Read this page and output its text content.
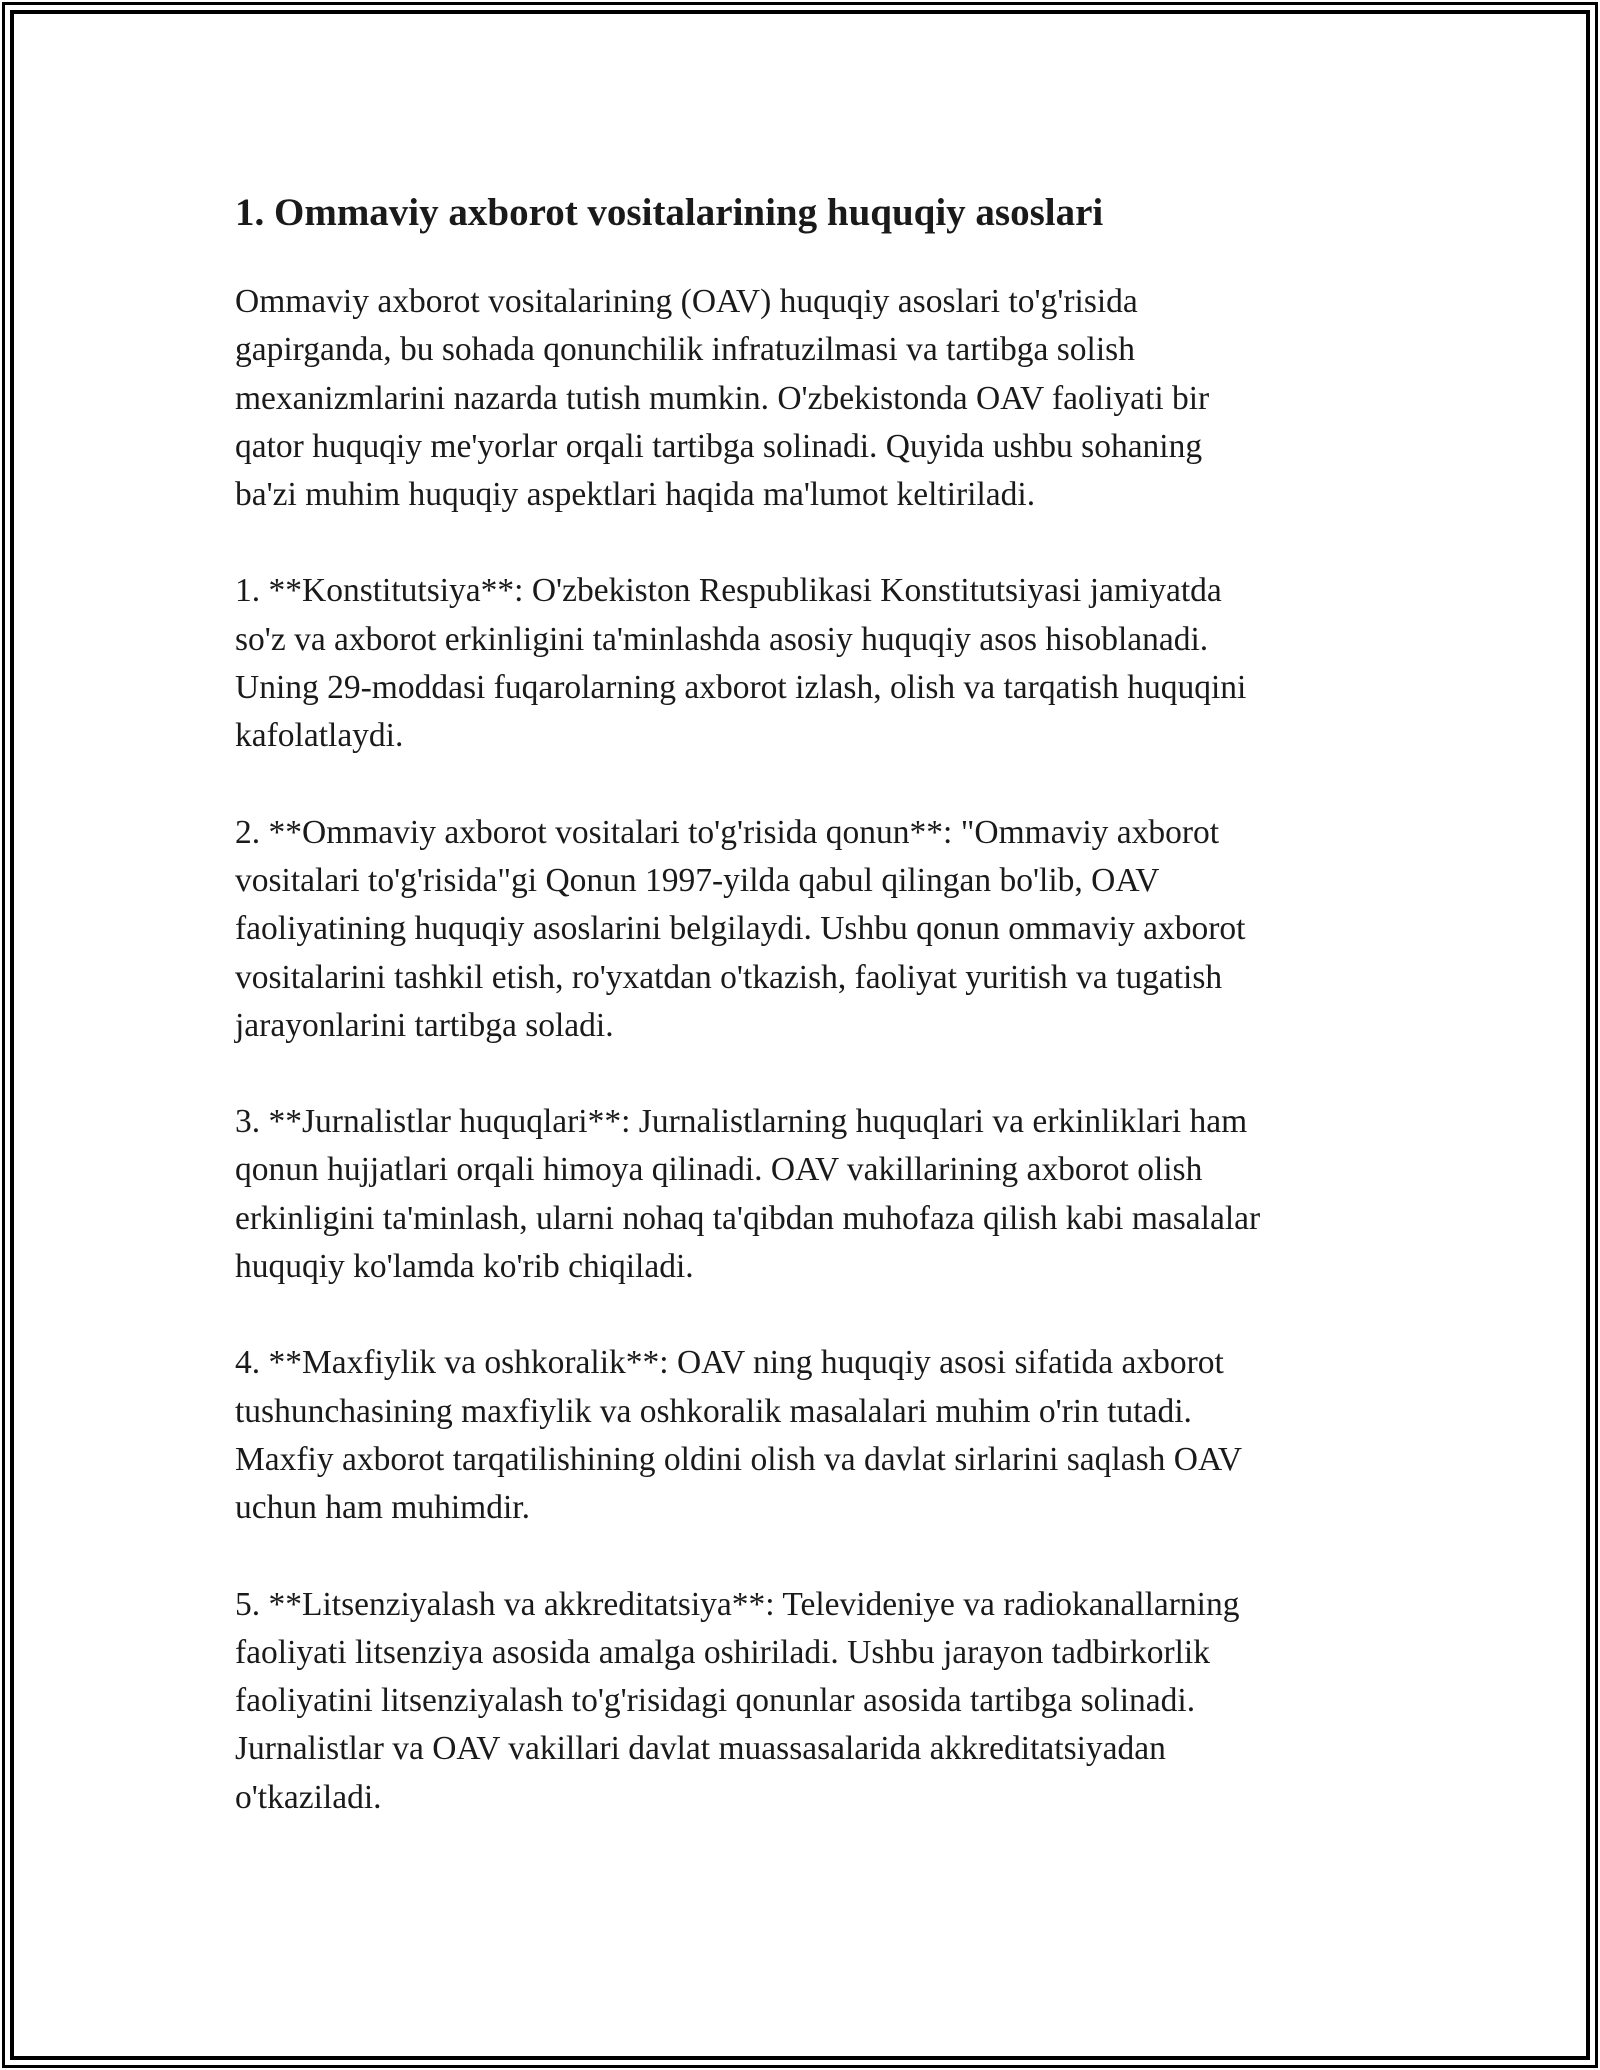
1. Ommaviy axborot vositalarining huquqiy asoslari

Ommaviy axborot vositalarining (OAV) huquqiy asoslari to'g'risida
gapirganda, bu sohada qonunchilik infratuzilmasi va tartibga solish
mexanizmlarini nazarda tutish mumkin. O'zbekistonda OAV faoliyati bir
qator huquqiy me'yorlar orqali tartibga solinadi. Quyida ushbu sohaning
ba'zi muhim huquqiy aspektlari haqida ma'lumot keltiriladi.

1. **Konstitutsiya**: O'zbekiston Respublikasi Konstitutsiyasi jamiyatda
so'z va axborot erkinligini ta'minlashda asosiy huquqiy asos hisoblanadi.
Uning 29-moddasi fuqarolarning axborot izlash, olish va tarqatish huquqini
kafolatlaydi.

2. **Ommaviy axborot vositalari to'g'risida qonun**: "Ommaviy axborot
vositalari to'g'risida"gi Qonun 1997-yilda qabul qilingan bo'lib, OAV
faoliyatining huquqiy asoslarini belgilaydi. Ushbu qonun ommaviy axborot
vositalarini tashkil etish, ro'yxatdan o'tkazish, faoliyat yuritish va tugatish
jarayonlarini tartibga soladi.

3. **Jurnalistlar huquqlari**: Jurnalistlarning huquqlari va erkinliklari ham
qonun hujjatlari orqali himoya qilinadi. OAV vakillarining axborot olish
erkinligini ta'minlash, ularni nohaq ta'qibdan muhofaza qilish kabi masalalar
huquqiy ko'lamda ko'rib chiqiladi.

4. **Maxfiylik va oshkoralik**: OAV ning huquqiy asosi sifatida axborot
tushunchasining maxfiylik va oshkoralik masalalari muhim o'rin tutadi.
Maxfiy axborot tarqatilishining oldini olish va davlat sirlarini saqlash OAV
uchun ham muhimdir.

5. **Litsenziyalash va akkreditatsiya**: Televideniye va radiokanallarning
faoliyati litsenziya asosida amalga oshiriladi. Ushbu jarayon tadbirkorlik
faoliyatini litsenziyalash to'g'risidagi qonunlar asosida tartibga solinadi.
Jurnalistlar va OAV vakillari davlat muassasalarida akkreditatsiyadan
o'tkaziladi.
